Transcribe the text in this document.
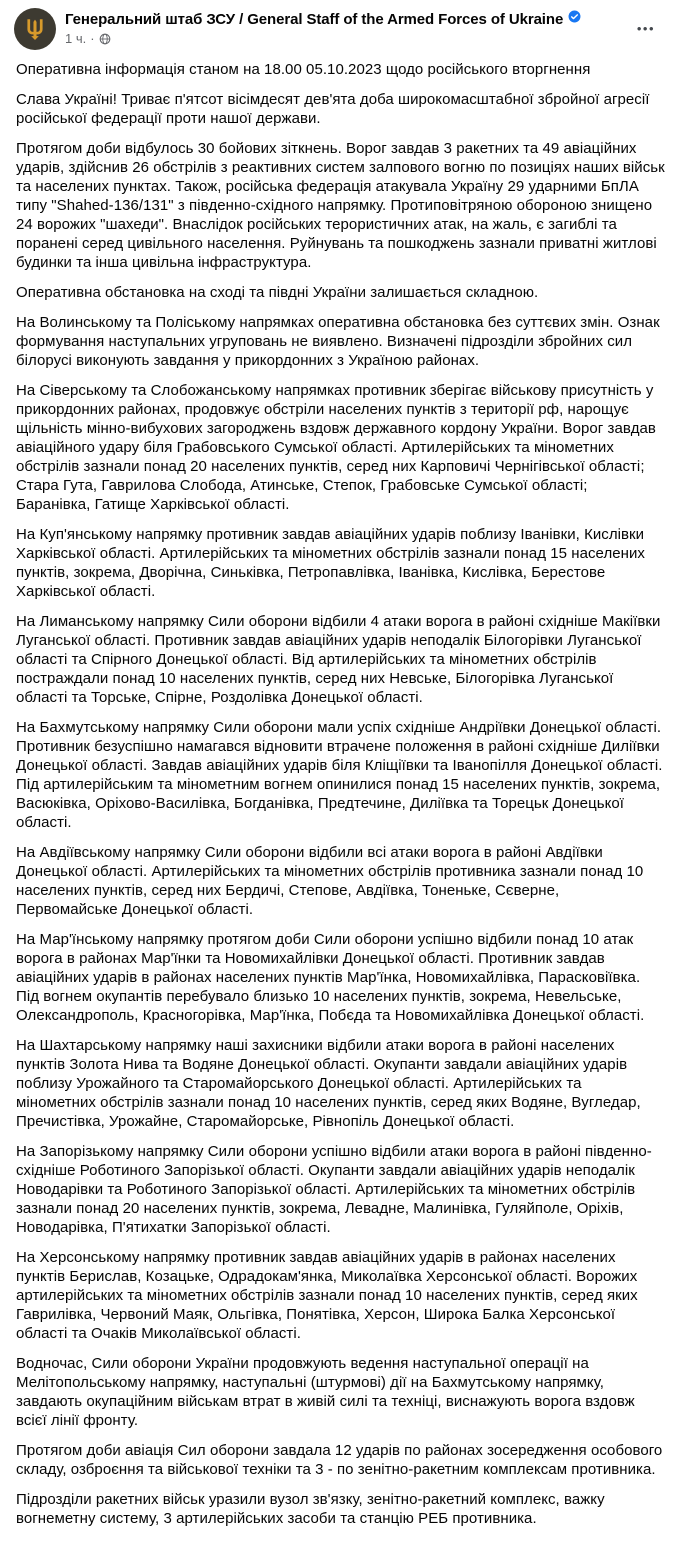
Генеральний штаб ЗСУ / General Staff of the Armed Forces of Ukraine
1 ч. ·
•••

Оперативна інформація станом на 18.00 05.10.2023 щодо російського вторгнення

Слава Україні! Триває п'ятсот вісімдесят дев'ята доба широкомасштабної збройної агресії російської федерації проти нашої держави.

Протягом доби відбулось 30 бойових зіткнень. Ворог завдав 3 ракетних та 49 авіаційних ударів, здійснив 26 обстрілів з реактивних систем залпового вогню по позиціях наших військ та населених пунктах. Також, російська федерація атакувала Україну 29 ударними БпЛА типу "Shahed-136/131" з південно-східного напрямку. Протиповітряною обороною знищено 24 ворожих "шахеди". Внаслідок російських терористичних атак, на жаль, є загиблі та поранені серед цивільного населення. Руйнувань та пошкоджень зазнали приватні житлові будинки та інша цивільна інфраструктура.

Оперативна обстановка на сході та півдні України залишається складною.

На Волинському та Поліському напрямках оперативна обстановка без суттєвих змін. Ознак формування наступальних угруповань не виявлено. Визначені підрозділи збройних сил білорусі виконують завдання у прикордонних з Україною районах.

На Сіверському та Слобожанському напрямках противник зберігає військову присутність у прикордонних районах, продовжує обстріли населених пунктів з території рф, нарощує щільність мінно-вибухових загороджень вздовж державного кордону України. Ворог завдав авіаційного удару біля Грабовського Сумської області. Артилерійських та мінометних обстрілів зазнали понад 20 населених пунктів, серед них Карповичі Чернігівської області; Стара Гута, Гаврилова Слобода, Атинське, Степок, Грабовське Сумської області; Баранівка, Гатище Харківської області.

На Куп'янському напрямку противник завдав авіаційних ударів поблизу Іванівки, Кислівки Харківської області. Артилерійських та мінометних обстрілів зазнали понад 15 населених пунктів, зокрема, Дворічна, Синьківка, Петропавлівка, Іванівка, Кислівка, Берестове Харківської області.

На Лиманському напрямку Сили оборони відбили 4 атаки ворога в районі східніше Макіївки Луганської області. Противник завдав авіаційних ударів неподалік Білогорівки Луганської області та Спірного Донецької області. Від артилерійських та мінометних обстрілів постраждали понад 10 населених пунктів, серед них Невське, Білогорівка Луганської області та Торське, Спірне, Роздолівка Донецької області.

На Бахмутському напрямку Сили оборони мали успіх східніше Андріївки Донецької області. Противник безуспішно намагався відновити втрачене положення в районі східніше Диліївки Донецької області. Завдав авіаційних ударів біля Кліщіївки та Іванопілля Донецької області. Під артилерійським та мінометним вогнем опинилися понад 15 населених пунктів, зокрема, Васюківка, Оріхово-Василівка, Богданівка, Предтечине, Диліївка та Торецьк Донецької області.

На Авдіївському напрямку Сили оборони відбили всі атаки ворога в районі Авдіївки Донецької області. Артилерійських та мінометних обстрілів противника зазнали понад 10 населених пунктів, серед них Бердичі, Степове, Авдіївка, Тоненьке, Сєверне, Первомайське Донецької області.

На Мар'їнському напрямку протягом доби Сили оборони успішно відбили понад 10 атак ворога в районах Мар'їнки та Новомихайлівки Донецької області. Противник завдав авіаційних ударів в районах населених пунктів Мар'їнка, Новомихайлівка, Парасковіївка. Під вогнем окупантів перебувало близько 10 населених пунктів, зокрема, Невельське, Олександрополь, Красногорівка, Мар'їнка, Побєда та Новомихайлівка Донецької області.

На Шахтарському напрямку наші захисники відбили атаки ворога в районі населених пунктів Золота Нива та Водяне Донецької області. Окупанти завдали авіаційних ударів поблизу Урожайного та Старомайорського Донецької області. Артилерійських та мінометних обстрілів зазнали понад 10 населених пунктів, серед яких Водяне, Вугледар, Пречистівка, Урожайне, Старомайорське, Рівнопіль Донецької області.

На Запорізькому напрямку Сили оборони успішно відбили атаки ворога в районі південно-східніше Роботиного Запорізької області. Окупанти завдали авіаційних ударів неподалік Новодарівки та Роботиного Запорізької області. Артилерійських та мінометних обстрілів зазнали понад 20 населених пунктів, зокрема, Левадне, Малинівка, Гуляйполе, Оріхів, Новодарівка, П'ятихатки Запорізької області.

На Херсонському напрямку противник завдав авіаційних ударів в районах населених пунктів Берислав, Козацьке, Одрадокам'янка, Миколаївка Херсонської області. Ворожих артилерійських та мінометних обстрілів зазнали понад 10 населених пунктів, серед яких Гаврилівка, Червоний Маяк, Ольгівка, Понятівка, Херсон, Широка Балка Херсонської області та Очаків Миколаївської області.

Водночас, Сили оборони України продовжують ведення наступальної операції на Мелітопольському напрямку, наступальні (штурмові) дії на Бахмутському напрямку, завдають окупаційним військам втрат в живій силі та техніці, виснажують ворога вздовж всієї лінії фронту.

Протягом доби авіація Сил оборони завдала 12 ударів по районах зосередження особового складу, озброєння та військової техніки та 3 - по зенітно-ракетним комплексам противника.

Підрозділи ракетних військ уразили вузол зв'язку, зенітно-ракетний комплекс, важку вогнеметну систему, 3 артилерійських засоби та станцію РЕБ противника.
